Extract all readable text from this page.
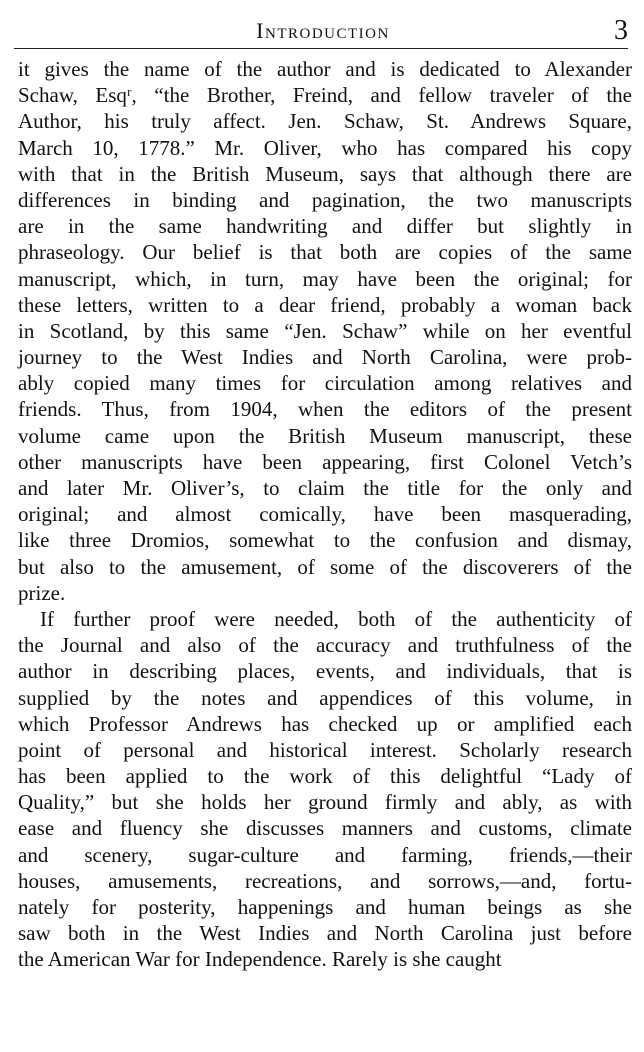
Introduction	3
it gives the name of the author and is dedicated to Alexander
Schaw, Esqʳ, “the Brother, Freind, and fellow traveler of the
Author, his truly affect. Jen. Schaw, St. Andrews Square,
March 10, 1778.” Mr. Oliver, who has compared his copy
with that in the British Museum, says that although there are
differences in binding and pagination, the two manuscripts
are in the same handwriting and differ but slightly in
phraseology. Our belief is that both are copies of the same
manuscript, which, in turn, may have been the original; for
these letters, written to a dear friend, probably a woman back
in Scotland, by this same “Jen. Schaw” while on her eventful
journey to the West Indies and North Carolina, were prob-
ably copied many times for circulation among relatives and
friends. Thus, from 1904, when the editors of the present
volume came upon the British Museum manuscript, these
other manuscripts have been appearing, first Colonel Vetch’s
and later Mr. Oliver’s, to claim the title for the only and
original; and almost comically, have been masquerading,
like three Dromios, somewhat to the confusion and dismay,
but also to the amusement, of some of the discoverers of the
prize.
If further proof were needed, both of the authenticity of
the Journal and also of the accuracy and truthfulness of the
author in describing places, events, and individuals, that is
supplied by the notes and appendices of this volume, in
which Professor Andrews has checked up or amplified each
point of personal and historical interest. Scholarly research
has been applied to the work of this delightful “Lady of
Quality,” but she holds her ground firmly and ably, as with
ease and fluency she discusses manners and customs, climate
and scenery, sugar-culture and farming, friends,—their
houses, amusements, recreations, and sorrows,—and, fortu-
nately for posterity, happenings and human beings as she
saw both in the West Indies and North Carolina just before
the American War for Independence. Rarely is she caught
